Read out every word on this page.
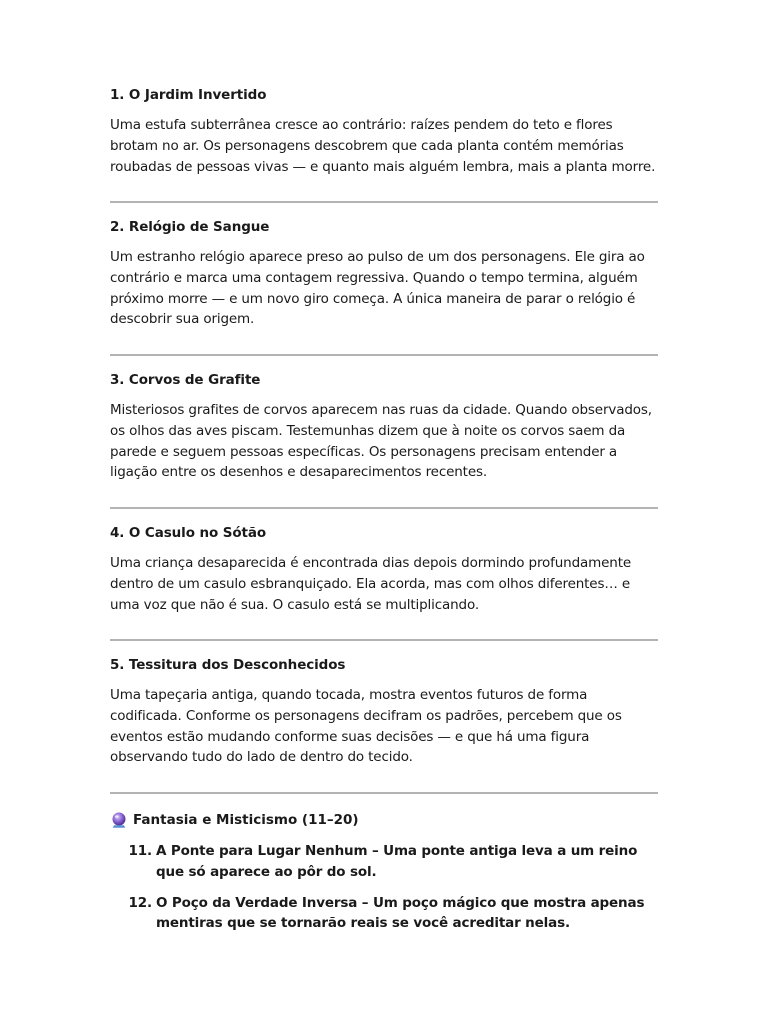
1. O Jardim Invertido

Uma estufa subterrânea cresce ao contrário: raízes pendem do teto e flores brotam no ar. Os personagens descobrem que cada planta contém memórias roubadas de pessoas vivas — e quanto mais alguém lembra, mais a planta morre.

2. Relógio de Sangue

Um estranho relógio aparece preso ao pulso de um dos personagens. Ele gira ao contrário e marca uma contagem regressiva. Quando o tempo termina, alguém próximo morre — e um novo giro começa. A única maneira de parar o relógio é descobrir sua origem.

3. Corvos de Grafite

Misteriosos grafites de corvos aparecem nas ruas da cidade. Quando observados, os olhos das aves piscam. Testemunhas dizem que à noite os corvos saem da parede e seguem pessoas específicas. Os personagens precisam entender a ligação entre os desenhos e desaparecimentos recentes.

4. O Casulo no Sótão

Uma criança desaparecida é encontrada dias depois dormindo profundamente dentro de um casulo esbranquiçado. Ela acorda, mas com olhos diferentes… e uma voz que não é sua. O casulo está se multiplicando.

5. Tessitura dos Desconhecidos

Uma tapeçaria antiga, quando tocada, mostra eventos futuros de forma codificada. Conforme os personagens decifram os padrões, percebem que os eventos estão mudando conforme suas decisões — e que há uma figura observando tudo do lado de dentro do tecido.

Fantasia e Misticismo (11–20)
11. A Ponte para Lugar Nenhum – Uma ponte antiga leva a um reino que só aparece ao pôr do sol.
12. O Poço da Verdade Inversa – Um poço mágico que mostra apenas mentiras que se tornarão reais se você acreditar nelas.
